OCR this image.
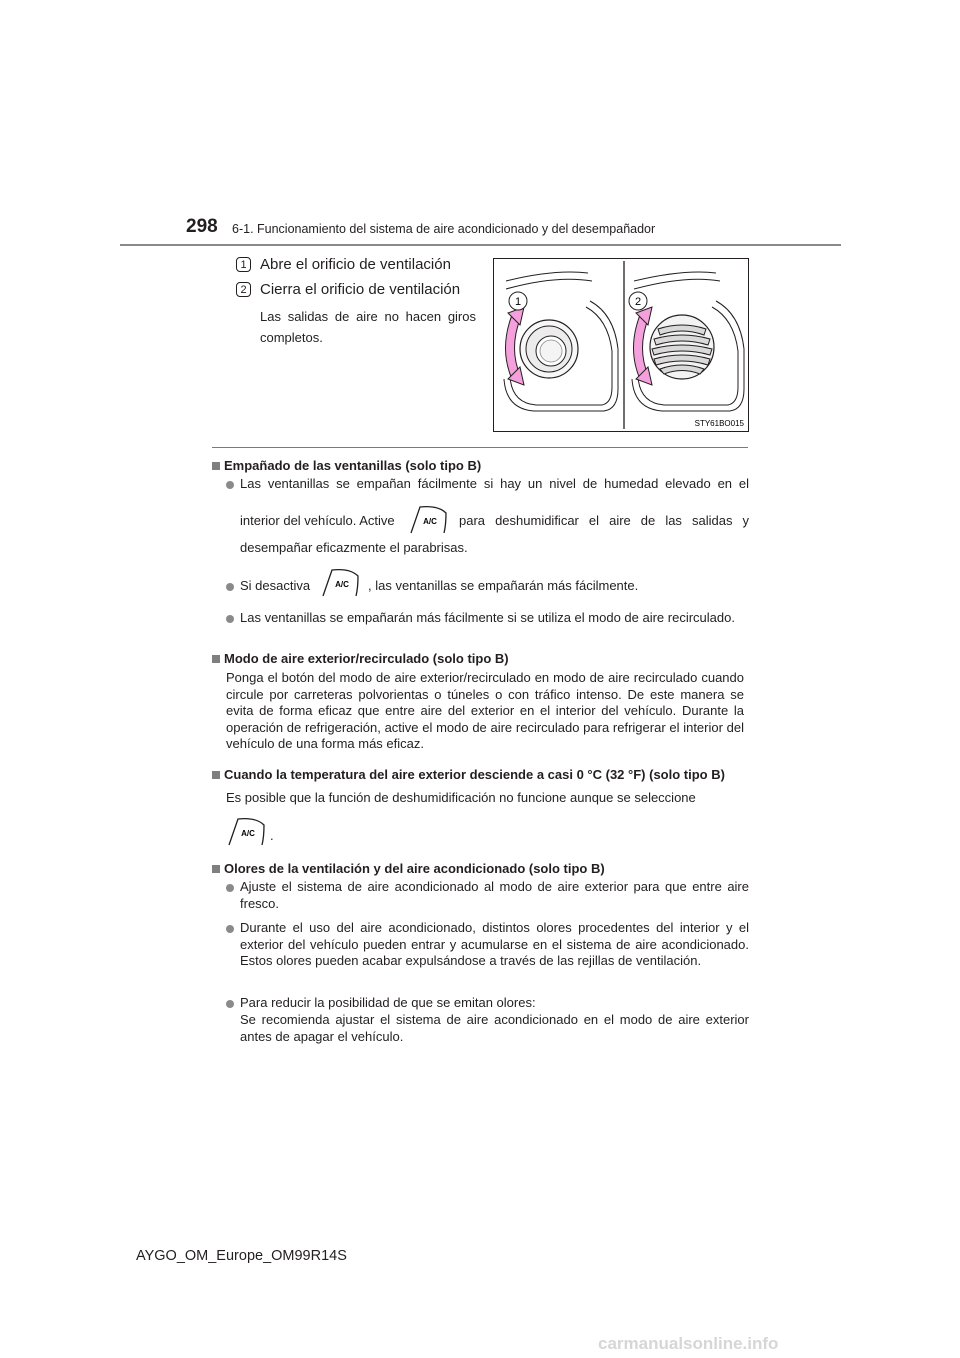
298 6-1. Funcionamiento del sistema de aire acondicionado y del desempañador
1 Abre el orificio de ventilación
2 Cierra el orificio de ventilación
Las salidas de aire no hacen giros completos.
1	2
STY61BO015
Empañado de las ventanillas (solo tipo B)
Las ventanillas se empañan fácilmente si hay un nivel de humedad elevado en el
A/C
interior del vehículo. Active	para deshumidificar el aire de las salidas y
desempañar eficazmente el parabrisas.
Si desactiva	A/C , las ventanillas se empañarán más fácilmente.
Las ventanillas se empañarán más fácilmente si se utiliza el modo de aire recirculado.
Modo de aire exterior/recirculado (solo tipo B)
Ponga el botón del modo de aire exterior/recirculado en modo de aire recirculado cuando circule por carreteras polvorientas o túneles o con tráfico intenso. De este manera se evita de forma eficaz que entre aire del exterior en el interior del vehículo. Durante la operación de refrigeración, active el modo de aire recirculado para refrigerar el interior del vehículo de una forma más eficaz.
Cuando la temperatura del aire exterior desciende a casi 0 °C (32 °F) (solo tipo B)
Es posible que la función de deshumidificación no funcione aunque se seleccione
A/C .
Olores de la ventilación y del aire acondicionado (solo tipo B)
Ajuste el sistema de aire acondicionado al modo de aire exterior para que entre aire fresco.
Durante el uso del aire acondicionado, distintos olores procedentes del interior y el exterior del vehículo pueden entrar y acumularse en el sistema de aire acondicionado. Estos olores pueden acabar expulsándose a través de las rejillas de ventilación.
Para reducir la posibilidad de que se emitan olores:
Se recomienda ajustar el sistema de aire acondicionado en el modo de aire exterior antes de apagar el vehículo.
AYGO_OM_Europe_OM99R14S
carmanualsonline.info
